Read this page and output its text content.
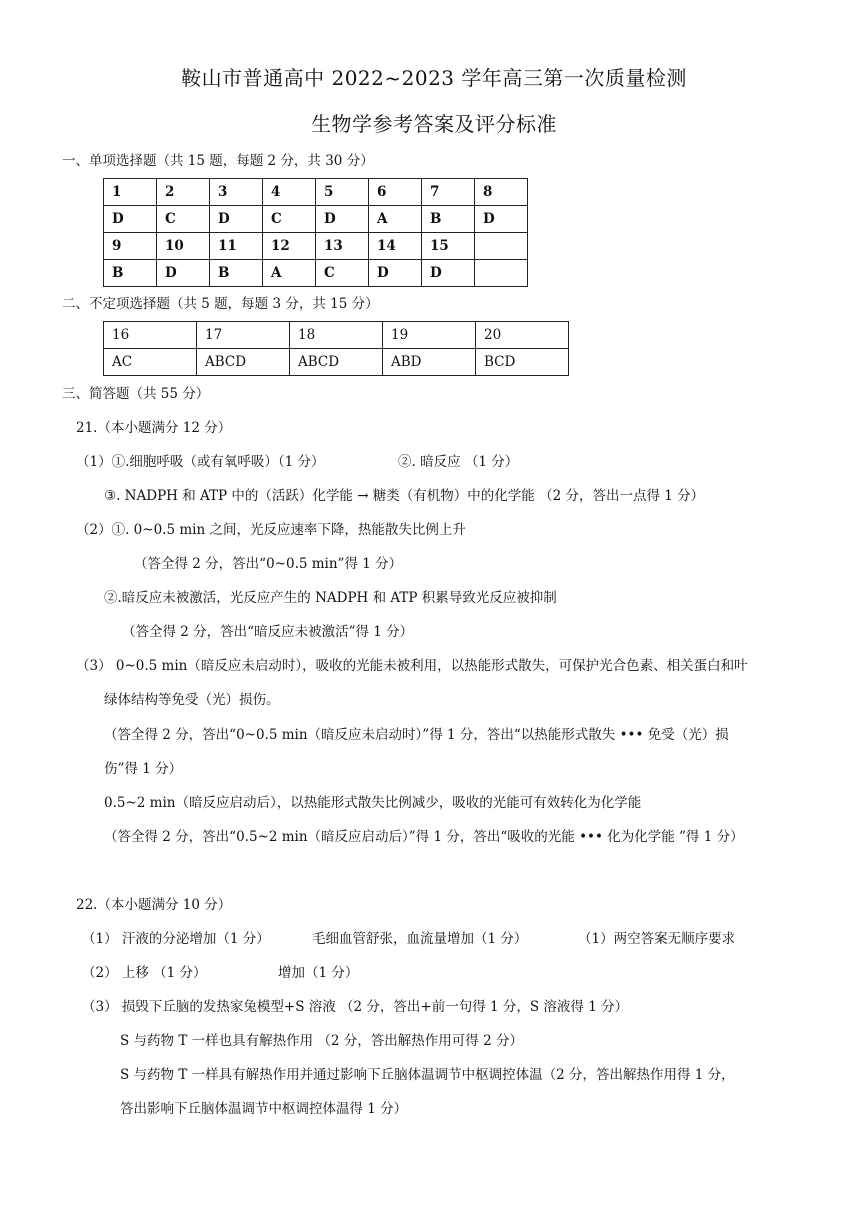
鞍山市普通高中 2022~2023 学年高三第一次质量检测
生物学参考答案及评分标准
一、单项选择题（共 15 题，每题 2 分，共 30 分）
1	2	3	4	5	6	7	8
D	C	D	C	D	A	B	D
9	10	11	12	13	14	15	
B	D	B	A	C	D	D	
二、不定项选择题（共 5 题，每题 3 分，共 15 分）
16	17	18	19	20
AC	ABCD	ABCD	ABD	BCD
三、简答题（共 55 分）
21.（本小题满分 12 分）
（1）①.细胞呼吸（或有氧呼吸）（1 分）	②. 暗反应 （1 分）
③. NADPH 和 ATP 中的（活跃）化学能 → 糖类（有机物）中的化学能 （2 分，答出一点得 1 分）
（2）①. 0~0.5 min 之间，光反应速率下降，热能散失比例上升
（答全得 2 分，答出“0~0.5 min”得 1 分）
②.暗反应未被激活，光反应产生的 NADPH 和 ATP 积累导致光反应被抑制
（答全得 2 分，答出“暗反应未被激活”得 1 分）
（3） 0~0.5 min（暗反应未启动时），吸收的光能未被利用，以热能形式散失，可保护光合色素、相关蛋白和叶
绿体结构等免受（光）损伤。
（答全得 2 分，答出“0~0.5 min（暗反应未启动时）”得 1 分，答出“以热能形式散失 ••• 免受（光）损
伤”得 1 分）
0.5~2 min（暗反应启动后），以热能形式散失比例减少，吸收的光能可有效转化为化学能
（答全得 2 分，答出“0.5~2 min（暗反应启动后）”得 1 分，答出“吸收的光能 ••• 化为化学能 ”得 1 分）
22.（本小题满分 10 分）
（1） 汗液的分泌增加（1 分）	毛细血管舒张，血流量增加（1 分）	（1）两空答案无顺序要求
（2） 上移 （1 分）	增加（1 分）
（3） 损毁下丘脑的发热家兔模型+S 溶液 （2 分，答出+前一句得 1 分，S 溶液得 1 分）
S 与药物 T 一样也具有解热作用 （2 分，答出解热作用可得 2 分）
S 与药物 T 一样具有解热作用并通过影响下丘脑体温调节中枢调控体温（2 分，答出解热作用得 1 分，
答出影响下丘脑体温调节中枢调控体温得 1 分）
